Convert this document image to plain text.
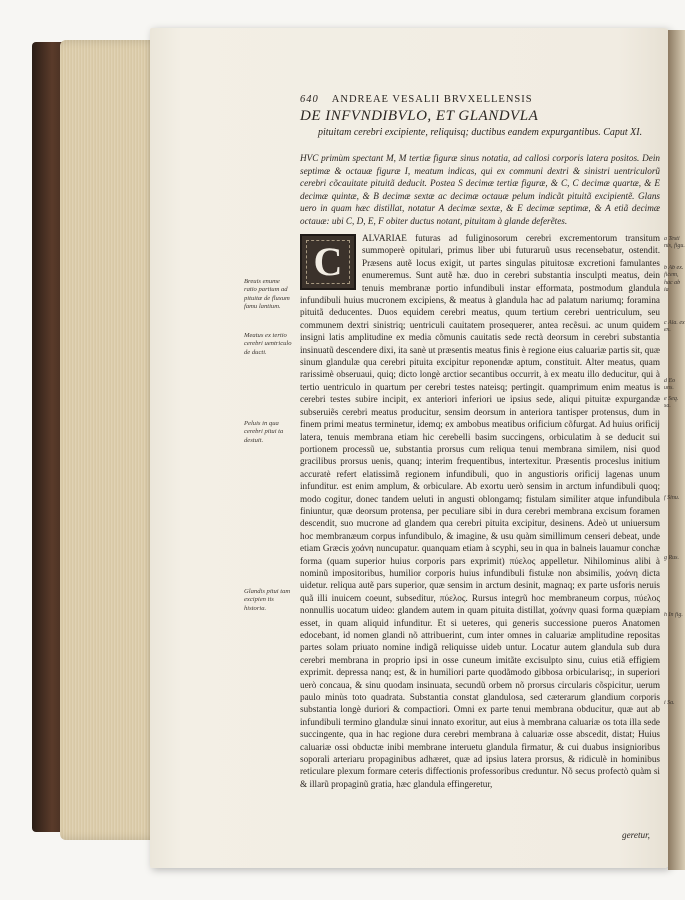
640 ANDREAE VESALII BRVXELLENSIS
DE INFVNDIBVLO, ET GLANDVLA
pituitam cerebri excipiente, reliquisq; ductibus eandem expurgantibus. Caput XI.
HVC primùm spectant M, M tertiæ figuræ sinus notatia, ad callosi corporis latera positos. Dein septimæ & octauæ figuræ I, meatum indicas, qui ex communi dextri & sinistri uentriculorũ cerebri cõcauitate pituitã deducit. Postea S decimæ tertiæ figuræ, & C, C decimæ quartæ, & E decimæ quintæ, & B decimæ sextæ ac decimæ octauæ pelum indicãt pituitã excipientẽ. Glans uero in quam hæc distillat, notatur A decimæ sextæ, & E decimæ septimæ, & A etiã decimæ octauæ: ubi C, D, E, F obiter ductus notant, pituitam à glande deferẽtes.
C

ALVARIAE futuras ad fuliginosorum cerebri excrementorum transitum summoperè opitulari, primus liber ubi futuraruũ usus recensebatur, ostendit. Præsens autẽ locus exigit, ut partes singulas pituitosæ excretioni famulantes enumeremus. Sunt autẽ hæ. duo in cerebri substantia insculpti meatus, dein tenuis membranæ portio infundibuli instar efformata, postmodum glandula infundibuli huius mucronem excipiens, & meatus à glandula hac ad palatum nariumq; foramina pituitã deducentes. Duos equidem cerebri meatus, quum tertium cerebri uentriculum, seu communem dextri sinistriq; uentriculi cauitatem prosequerer, antea recẽsui. ac unum quidem insigni latis amplitudine ex media cõmunis cauitatis sede rectà deorsum in cerebri substantia insinuatũ descendere dixi, ita sanè ut præsentis meatus finis è regione eius caluariæ partis sit, quæ sinum glandulæ qua cerebri pituita excipitur reponendæ aptum, constituit. Alter meatus, quam rarissimè obseruaui, quiq; dicto longè arctior secantibus occurrit, à ex meatu illo deducitur, qui à tertio uentriculo in quartum per cerebri testes nateisq; pertingit. quamprimum enim meatus is cerebri testes subire incipit, ex anteriori inferiori ue ipsius sede, aliqui pituitæ expurgandæ subseruiẽs cerebri meatus producitur, sensim deorsum in anteriora tantisper protensus, dum in finem primi meatus terminetur, idemq; ex ambobus meatibus orificium cõfurgat. Ad huius orificij latera, tenuis membrana etiam hic cerebelli basim succingens, orbiculatim à se deducit sui portionem processũ ue, substantia prorsus cum reliqua tenui membrana similem, nisi quod gracilibus prorsus uenis, quanq; interim frequentibus, intertexitur. Præsentis proceslus initium accuratè refert elatissimã regionem infundibuli, quo in angustioris orificij lagenas unum infunditur. est enim amplum, & orbiculare. Ab exortu uerò sensim in arctum infundibuli quoq; modo cogitur, donec tandem ueluti in angusti oblongamq; fistulam similiter atque infundibula finiuntur, quæ deorsum protensa, per peculiare sibi in dura cerebri membrana excisum foramen descendit, suo mucrone ad glandem qua cerebri pituita excipitur, desinens. Adeò ut uniuersum hoc membranæum corpus infundibulo, & imagine, & usu quàm simillimum censeri debeat, unde etiam Græcis χοάνη nuncupatur. quanquam etiam à scyphi, seu in qua in balneis lauamur conchæ forma (quam superior huius corporis pars exprimit) πύελος appelletur. Nihilominus alibi à nominũ impositoribus, humilior corporis huius infundibuli fistulæ non absimilis, χοάνη dicta uidetur. reliqua autẽ pars superior, quæ sensim in arctum desinit, magnaq; ex parte usforis neruis quã illi inuicem coeunt, subseditur, πύελος. Rursus integrũ hoc membraneum corpus, πύελος nonnullis uocatum uideo: glandem autem in quam pituita distillat, χοάνην quasi forma quæpiam esset, in quam aliquid infunditur. Et si ueteres, qui generis successione pueros Anatomen edocebant, id nomen glandi nõ attribuerint, cum inter omnes in caluariæ amplitudine repositas partes solam priuato nomine indigã reliquisse uideb untur. Locatur autem glandula sub dura cerebri membrana in proprio ipsi in osse cuneum imitãte excisulpto sinu, cuius etiã effigiem exprimit. depressa nanq; est, & in humiliori parte quodãmodo gibbosa orbicularisq;, in superiori uerò concaua, & sinu quodam insinuata, secundũ orbem nõ prorsus circularis cõspicitur, uerum paulo minùs toto quadrata. Substantia constat glandulosa, sed cæterarum glandium corporis substantia longè duriori & compactiori. Omni ex parte tenui membrana obducitur, quæ aut ab infundibuli termino glandulæ sinui innato exoritur, aut eius à membrana caluariæ os tota illa sede succingente, qua in hac regione dura cerebri membrana à caluariæ osse abscedit, distat; Huius caluariæ ossi obductæ inibi membrane interuetu glandula firmatur, & cui duabus insignioribus soporali arteriaru propaginibus adhæret, quæ ad ipsius latera prorsus, & ridiculè in hominibus reticulare plexum formare ceteris diffectionis professoribus creduntur. Nõ secus profectò quàm si & illarũ propaginũ gratia, hæc glandula effingeretur,

Breuis enume ratio partium ad pituitæ de fluxum famu lantium.
Meatus ex tertio cerebri uentriculo de ducti.
Peluis in qua cerebri pitui ta destuit.
Glandis pitui tam excipien tis historia.
a Testi nis, figu.
b Ab ex. ficem, hac ab ia
c Ala. ex ex.
d Eo uns.
e Seq. sa.
f Sinu.
g Rus.
h In fig.
i Sa.
geretur,
